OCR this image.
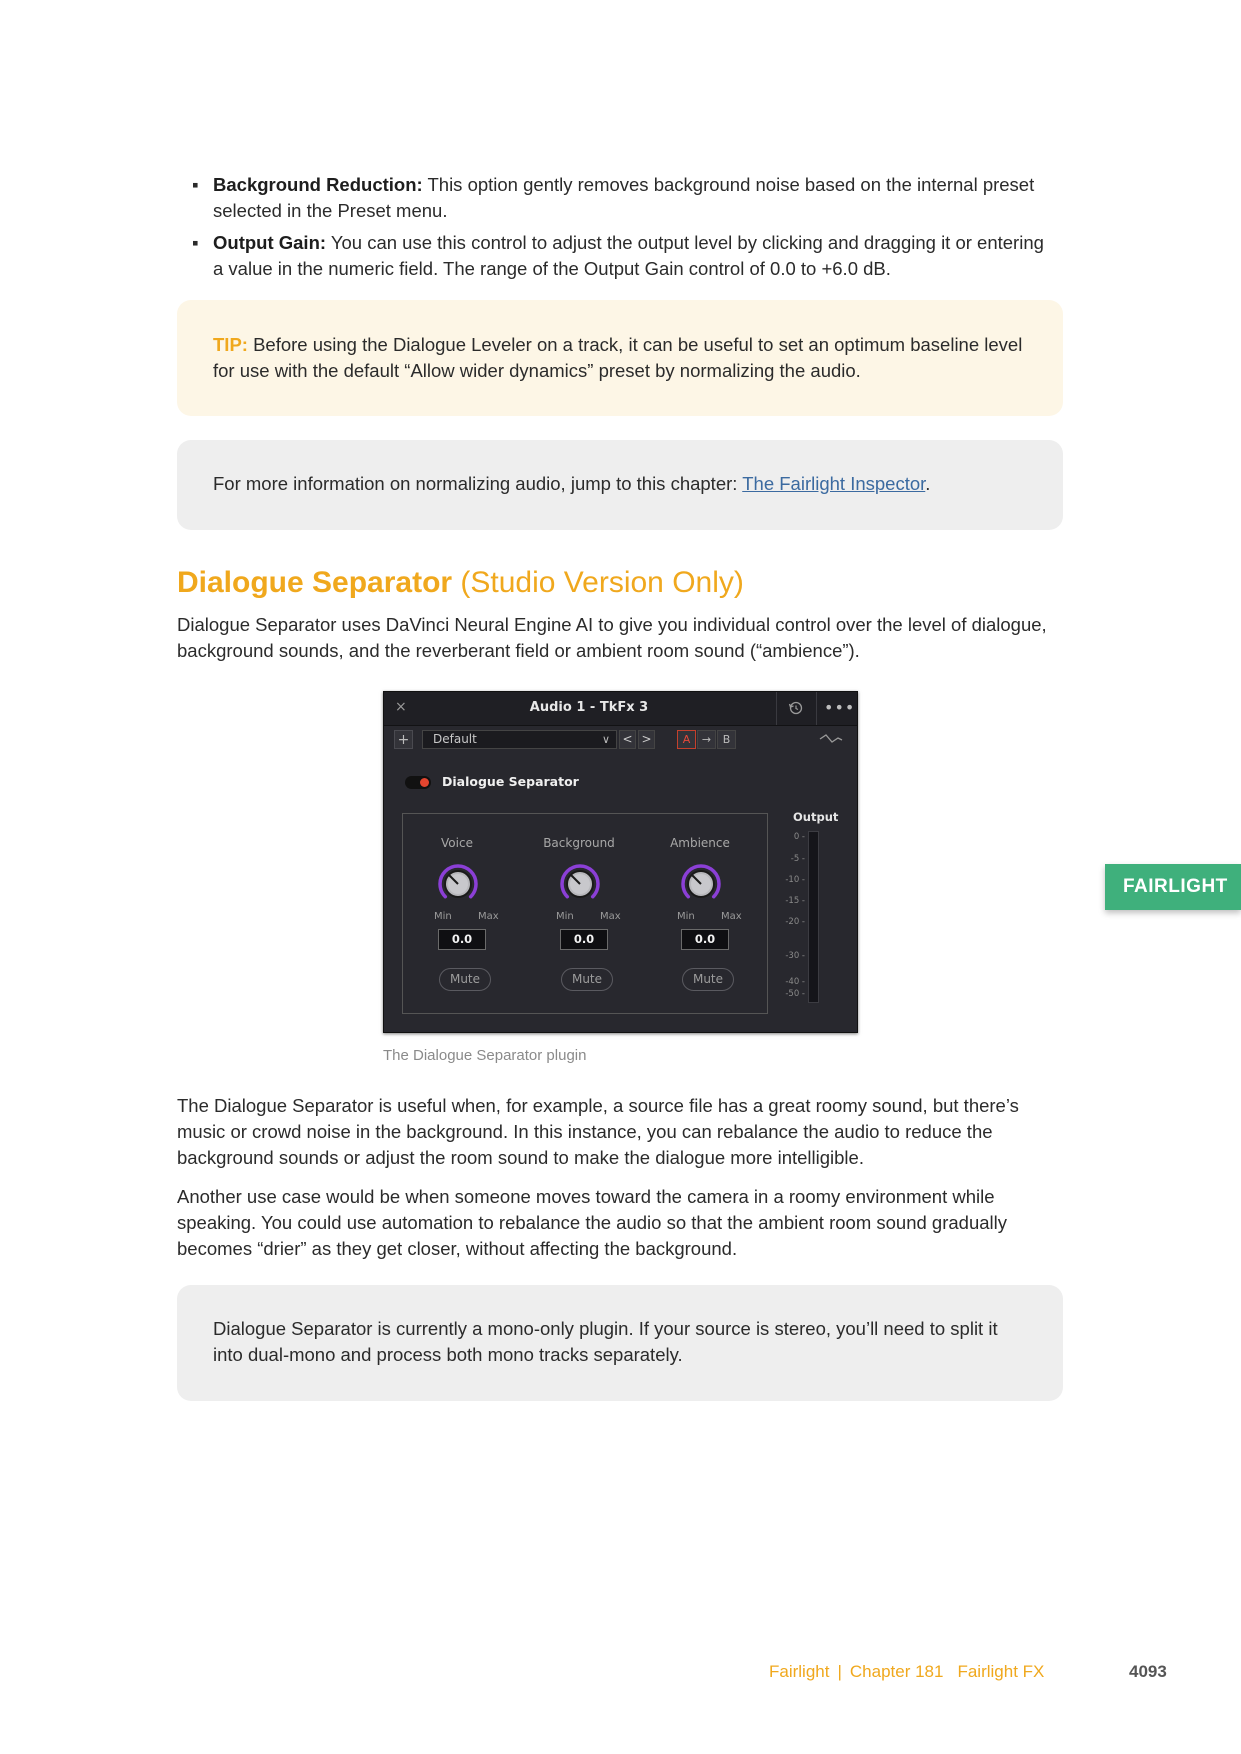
▪ Background Reduction: This option gently removes background noise based on the internal preset selected in the Preset menu.
▪ Output Gain: You can use this control to adjust the output level by clicking and dragging it or entering a value in the numeric field. The range of the Output Gain control of 0.0 to +6.0 dB.
TIP: Before using the Dialogue Leveler on a track, it can be useful to set an optimum baseline level for use with the default “Allow wider dynamics” preset by normalizing the audio.
For more information on normalizing audio, jump to this chapter: The Fairlight Inspector.
Dialogue Separator (Studio Version Only)

Dialogue Separator uses DaVinci Neural Engine AI to give you individual control over the level of dialogue, background sounds, and the reverberant field or ambient room sound (“ambience”).

×	Audio 1 - TkFx 3	•••
+	Default	∨ < >	A	→	B
Dialogue Separator
Voice
Min	Max
0.0
Mute
Background
Min	Max
0.0
Mute
Ambience
Min	Max
0.0
Mute
Output
0 -
-5 -
-10 -
-15 -
-20 -
-30 -
-40 -
-50 -
The Dialogue Separator plugin

The Dialogue Separator is useful when, for example, a source file has a great roomy sound, but there’s music or crowd noise in the background. In this instance, you can rebalance the audio to reduce the background sounds or adjust the room sound to make the dialogue more intelligible.

Another use case would be when someone moves toward the camera in a roomy environment while speaking. You could use automation to rebalance the audio so that the ambient room sound gradually becomes “drier” as they get closer, without affecting the background.

Dialogue Separator is currently a mono-only plugin. If your source is stereo, you’ll need to split it into dual-mono and process both mono tracks separately.
FAIRLIGHT
Fairlight | Chapter 181 Fairlight FX	4093
